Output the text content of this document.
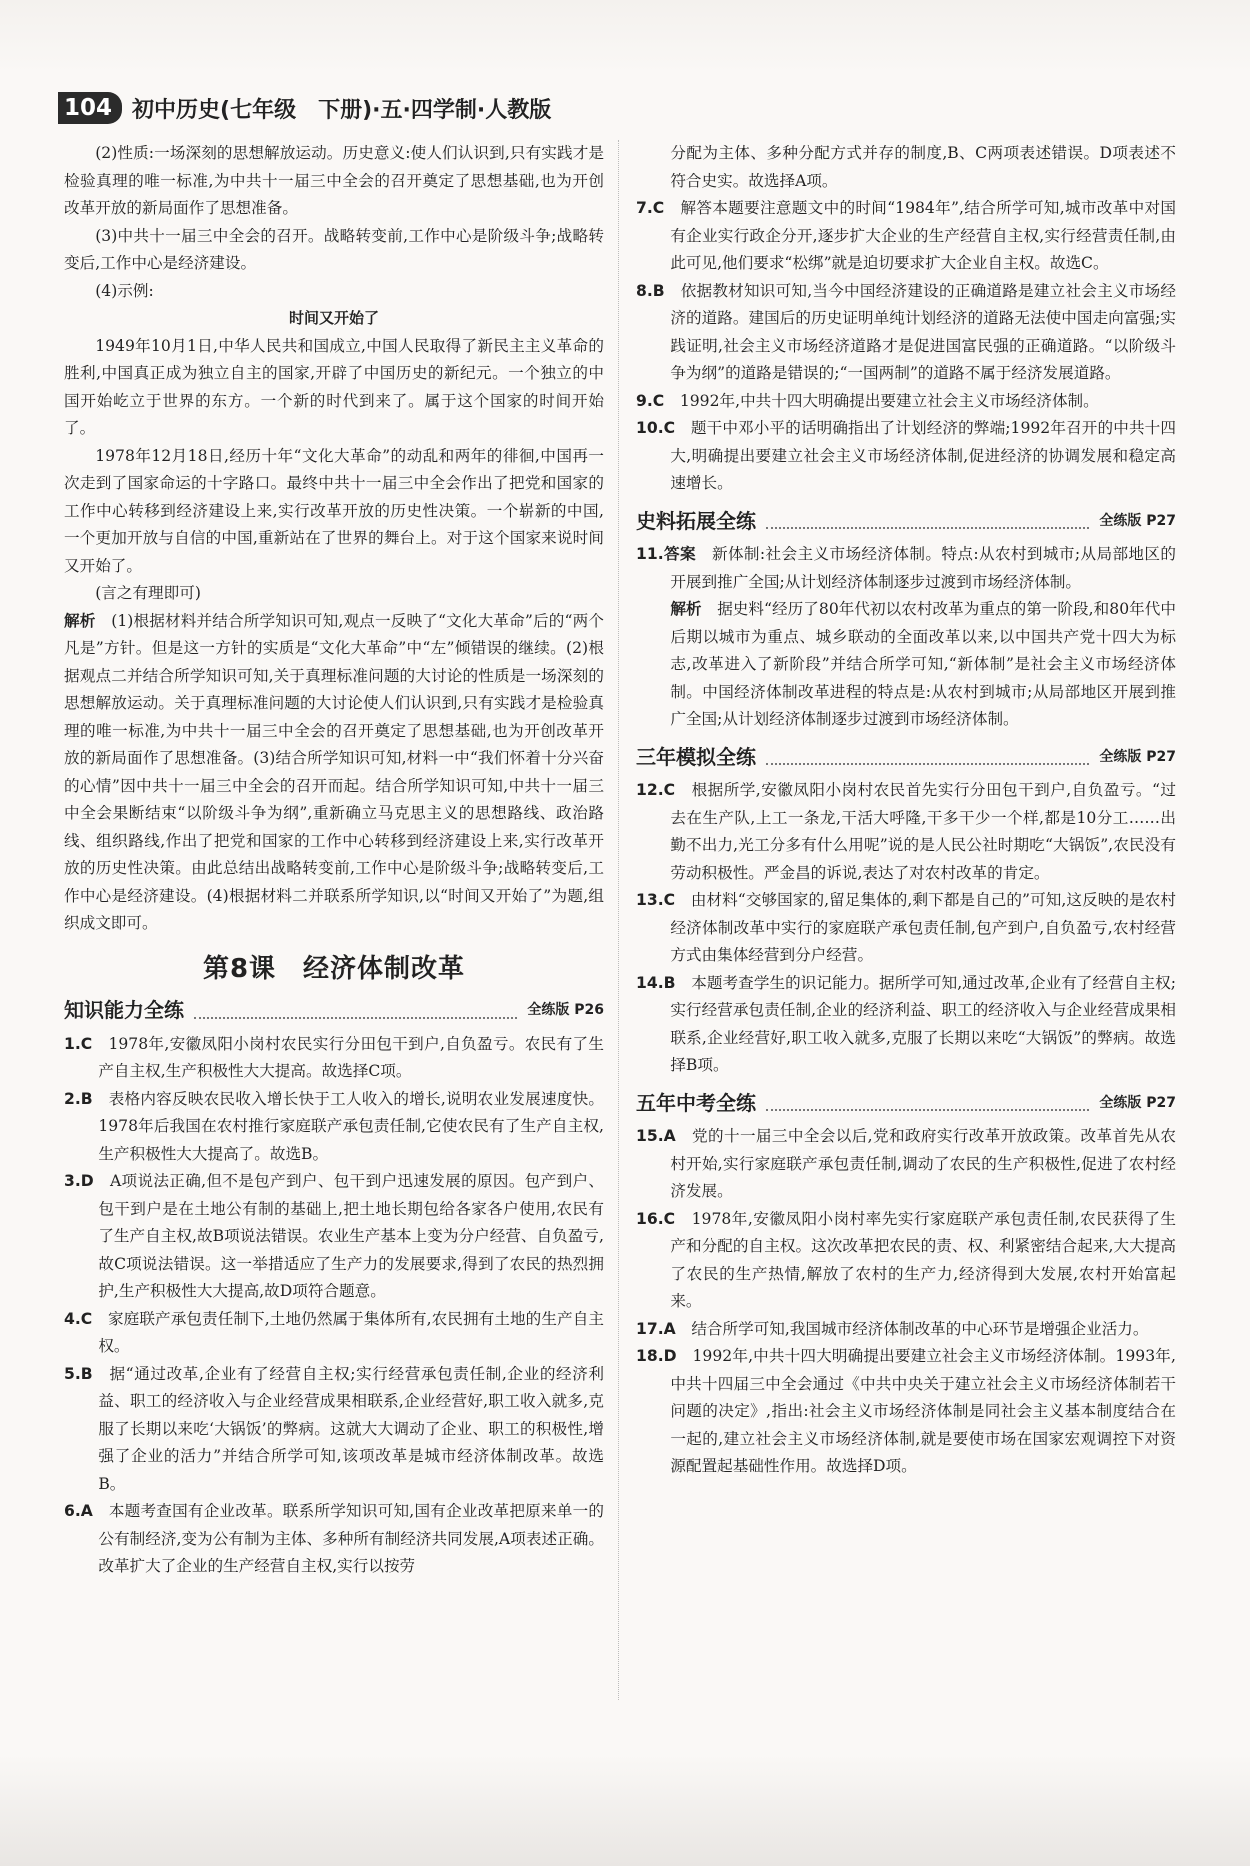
104 初中历史(七年级　下册)·五·四学制·人教版

(2)性质:一场深刻的思想解放运动。历史意义:使人们认识到,只有实践才是检验真理的唯一标准,为中共十一届三中全会的召开奠定了思想基础,也为开创改革开放的新局面作了思想准备。

(3)中共十一届三中全会的召开。战略转变前,工作中心是阶级斗争;战略转变后,工作中心是经济建设。

(4)示例:

时间又开始了

1949年10月1日,中华人民共和国成立,中国人民取得了新民主主义革命的胜利,中国真正成为独立自主的国家,开辟了中国历史的新纪元。一个独立的中国开始屹立于世界的东方。一个新的时代到来了。属于这个国家的时间开始了。

1978年12月18日,经历十年“文化大革命”的动乱和两年的徘徊,中国再一次走到了国家命运的十字路口。最终中共十一届三中全会作出了把党和国家的工作中心转移到经济建设上来,实行改革开放的历史性决策。一个崭新的中国,一个更加开放与自信的中国,重新站在了世界的舞台上。对于这个国家来说时间又开始了。

(言之有理即可)

解析　 (1)根据材料并结合所学知识可知,观点一反映了“文化大革命”后的“两个凡是”方针。但是这一方针的实质是“文化大革命”中“左”倾错误的继续。(2)根据观点二并结合所学知识可知,关于真理标准问题的大讨论的性质是一场深刻的思想解放运动。关于真理标准问题的大讨论使人们认识到,只有实践才是检验真理的唯一标准,为中共十一届三中全会的召开奠定了思想基础,也为开创改革开放的新局面作了思想准备。(3)结合所学知识可知,材料一中“我们怀着十分兴奋的心情”因中共十一届三中全会的召开而起。结合所学知识可知,中共十一届三中全会果断结束“以阶级斗争为纲”,重新确立马克思主义的思想路线、政治路线、组织路线,作出了把党和国家的工作中心转移到经济建设上来,实行改革开放的历史性决策。由此总结出战略转变前,工作中心是阶级斗争;战略转变后,工作中心是经济建设。(4)根据材料二并联系所学知识,以“时间又开始了”为题,组织成文即可。

第8课　经济体制改革
知识能力全练	全练版 P26

1.C　 1978年,安徽凤阳小岗村农民实行分田包干到户,自负盈亏。农民有了生产自主权,生产积极性大大提高。故选择C项。

2.B　 表格内容反映农民收入增长快于工人收入的增长,说明农业发展速度快。1978年后我国在农村推行家庭联产承包责任制,它使农民有了生产自主权,生产积极性大大提高了。故选B。

3.D　 A项说法正确,但不是包产到户、包干到户迅速发展的原因。包产到户、包干到户是在土地公有制的基础上,把土地长期包给各家各户使用,农民有了生产自主权,故B项说法错误。农业生产基本上变为分户经营、自负盈亏,故C项说法错误。这一举措适应了生产力的发展要求,得到了农民的热烈拥护,生产积极性大大提高,故D项符合题意。

4.C　 家庭联产承包责任制下,土地仍然属于集体所有,农民拥有土地的生产自主权。

5.B　 据“通过改革,企业有了经营自主权;实行经营承包责任制,企业的经济利益、职工的经济收入与企业经营成果相联系,企业经营好,职工收入就多,克服了长期以来吃‘大锅饭’的弊病。这就大大调动了企业、职工的积极性,增强了企业的活力”并结合所学可知,该项改革是城市经济体制改革。故选B。

6.A　 本题考查国有企业改革。联系所学知识可知,国有企业改革把原来单一的公有制经济,变为公有制为主体、多种所有制经济共同发展,A项表述正确。改革扩大了企业的生产经营自主权,实行以按劳

分配为主体、多种分配方式并存的制度,B、C两项表述错误。D项表述不符合史实。故选择A项。

7.C　 解答本题要注意题文中的时间“1984年”,结合所学可知,城市改革中对国有企业实行政企分开,逐步扩大企业的生产经营自主权,实行经营责任制,由此可见,他们要求“松绑”就是迫切要求扩大企业自主权。故选C。

8.B　 依据教材知识可知,当今中国经济建设的正确道路是建立社会主义市场经济的道路。建国后的历史证明单纯计划经济的道路无法使中国走向富强;实践证明,社会主义市场经济道路才是促进国富民强的正确道路。“以阶级斗争为纲”的道路是错误的;“一国两制”的道路不属于经济发展道路。

9.C　 1992年,中共十四大明确提出要建立社会主义市场经济体制。

10.C　 题干中邓小平的话明确指出了计划经济的弊端;1992年召开的中共十四大,明确提出要建立社会主义市场经济体制,促进经济的协调发展和稳定高速增长。

史料拓展全练	全练版 P27

11.答案　 新体制:社会主义市场经济体制。特点:从农村到城市;从局部地区的开展到推广全国;从计划经济体制逐步过渡到市场经济体制。

解析　 据史料“经历了80年代初以农村改革为重点的第一阶段,和80年代中后期以城市为重点、城乡联动的全面改革以来,以中国共产党十四大为标志,改革进入了新阶段”并结合所学可知,“新体制”是社会主义市场经济体制。中国经济体制改革进程的特点是:从农村到城市;从局部地区开展到推广全国;从计划经济体制逐步过渡到市场经济体制。

三年模拟全练	全练版 P27

12.C　 根据所学,安徽凤阳小岗村农民首先实行分田包干到户,自负盈亏。“过去在生产队,上工一条龙,干活大呼隆,干多干少一个样,都是10分工……出勤不出力,光工分多有什么用呢”说的是人民公社时期吃“大锅饭”,农民没有劳动积极性。严金昌的诉说,表达了对农村改革的肯定。

13.C　 由材料“交够国家的,留足集体的,剩下都是自己的”可知,这反映的是农村经济体制改革中实行的家庭联产承包责任制,包产到户,自负盈亏,农村经营方式由集体经营到分户经营。

14.B　 本题考查学生的识记能力。据所学可知,通过改革,企业有了经营自主权;实行经营承包责任制,企业的经济利益、职工的经济收入与企业经营成果相联系,企业经营好,职工收入就多,克服了长期以来吃“大锅饭”的弊病。故选择B项。

五年中考全练	全练版 P27

15.A　 党的十一届三中全会以后,党和政府实行改革开放政策。改革首先从农村开始,实行家庭联产承包责任制,调动了农民的生产积极性,促进了农村经济发展。

16.C　 1978年,安徽凤阳小岗村率先实行家庭联产承包责任制,农民获得了生产和分配的自主权。这次改革把农民的责、权、利紧密结合起来,大大提高了农民的生产热情,解放了农村的生产力,经济得到大发展,农村开始富起来。

17.A　 结合所学可知,我国城市经济体制改革的中心环节是增强企业活力。

18.D　 1992年,中共十四大明确提出要建立社会主义市场经济体制。1993年,中共十四届三中全会通过《中共中央关于建立社会主义市场经济体制若干问题的决定》,指出:社会主义市场经济体制是同社会主义基本制度结合在一起的,建立社会主义市场经济体制,就是要使市场在国家宏观调控下对资源配置起基础性作用。故选择D项。
